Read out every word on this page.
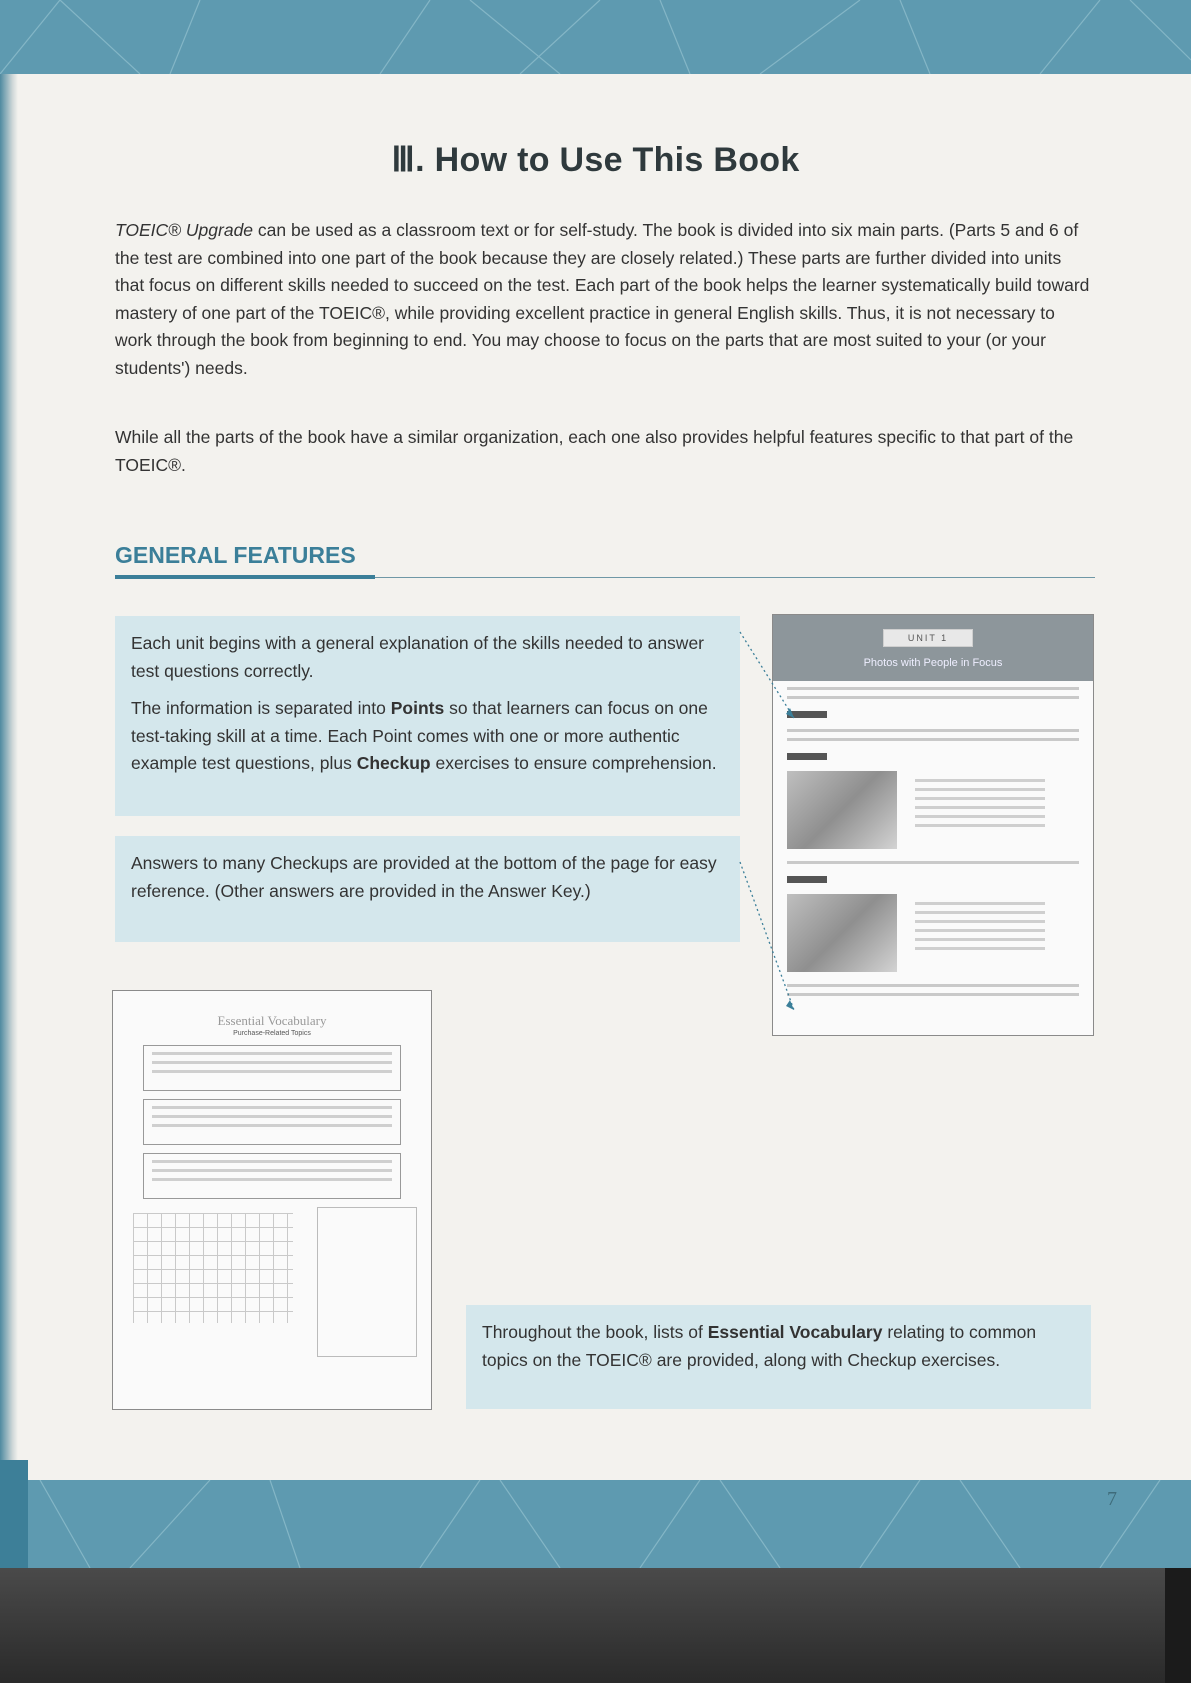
Ⅲ. How to Use This Book

TOEIC® Upgrade can be used as a classroom text or for self-study. The book is divided into six main parts. (Parts 5 and 6 of the test are combined into one part of the book because they are closely related.) These parts are further divided into units that focus on different skills needed to succeed on the test. Each part of the book helps the learner systematically build toward mastery of one part of the TOEIC®, while providing excellent practice in general English skills. Thus, it is not necessary to work through the book from beginning to end. You may choose to focus on the parts that are most suited to your (or your students') needs.

While all the parts of the book have a similar organization, each one also provides helpful features specific to that part of the TOEIC®.

GENERAL FEATURES

Each unit begins with a general explanation of the skills needed to answer test questions correctly.

The information is separated into Points so that learners can focus on one test-taking skill at a time. Each Point comes with one or more authentic example test questions, plus Checkup exercises to ensure comprehension.

Answers to many Checkups are provided at the bottom of the page for easy reference. (Other answers are provided in the Answer Key.)
UNIT 1
Photos with People in Focus

Essential Vocabulary
Purchase-Related Topics

Throughout the book, lists of Essential Vocabulary relating to common topics on the TOEIC® are provided, along with Checkup exercises.
7
